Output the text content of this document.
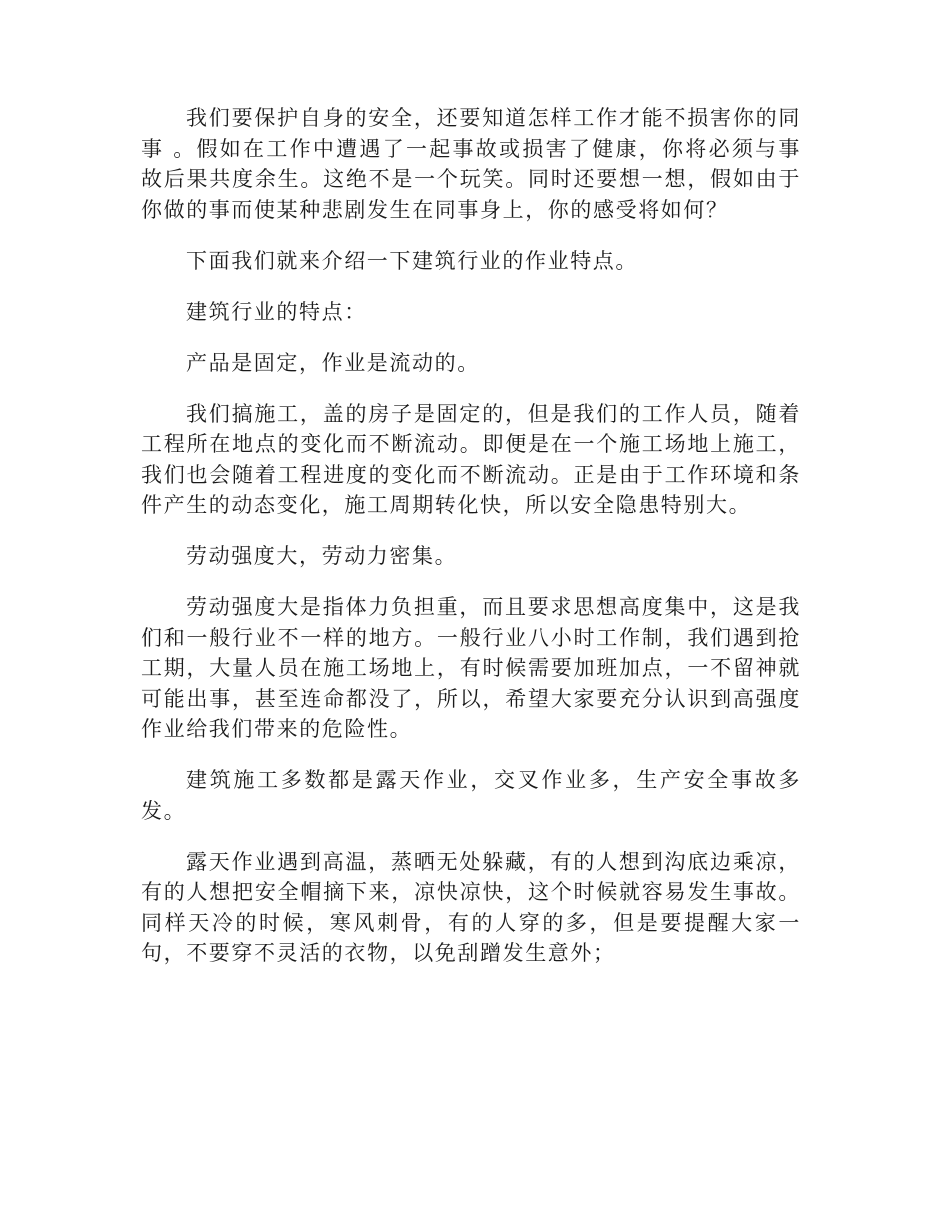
我们要保护自身的安全，还要知道怎样工作才能不损害你的同事 。假如在工作中遭遇了一起事故或损害了健康，你将必须与事故后果共度余生。这绝不是一个玩笑。同时还要想一想，假如由于你做的事而使某种悲剧发生在同事身上，你的感受将如何？

下面我们就来介绍一下建筑行业的作业特点。

建筑行业的特点：

产品是固定，作业是流动的。

我们搞施工，盖的房子是固定的，但是我们的工作人员，随着工程所在地点的变化而不断流动。即便是在一个施工场地上施工，我们也会随着工程进度的变化而不断流动。正是由于工作环境和条件产生的动态变化，施工周期转化快，所以安全隐患特别大。

劳动强度大，劳动力密集。

劳动强度大是指体力负担重，而且要求思想高度集中，这是我们和一般行业不一样的地方。一般行业八小时工作制，我们遇到抢工期，大量人员在施工场地上，有时候需要加班加点，一不留神就可能出事，甚至连命都没了，所以，希望大家要充分认识到高强度作业给我们带来的危险性。

建筑施工多数都是露天作业，交叉作业多，生产安全事故多发。

露天作业遇到高温，蒸晒无处躲藏，有的人想到沟底边乘凉，有的人想把安全帽摘下来，凉快凉快，这个时候就容易发生事故。同样天冷的时候，寒风刺骨，有的人穿的多，但是要提醒大家一句，不要穿不灵活的衣物，以免刮蹭发生意外；
